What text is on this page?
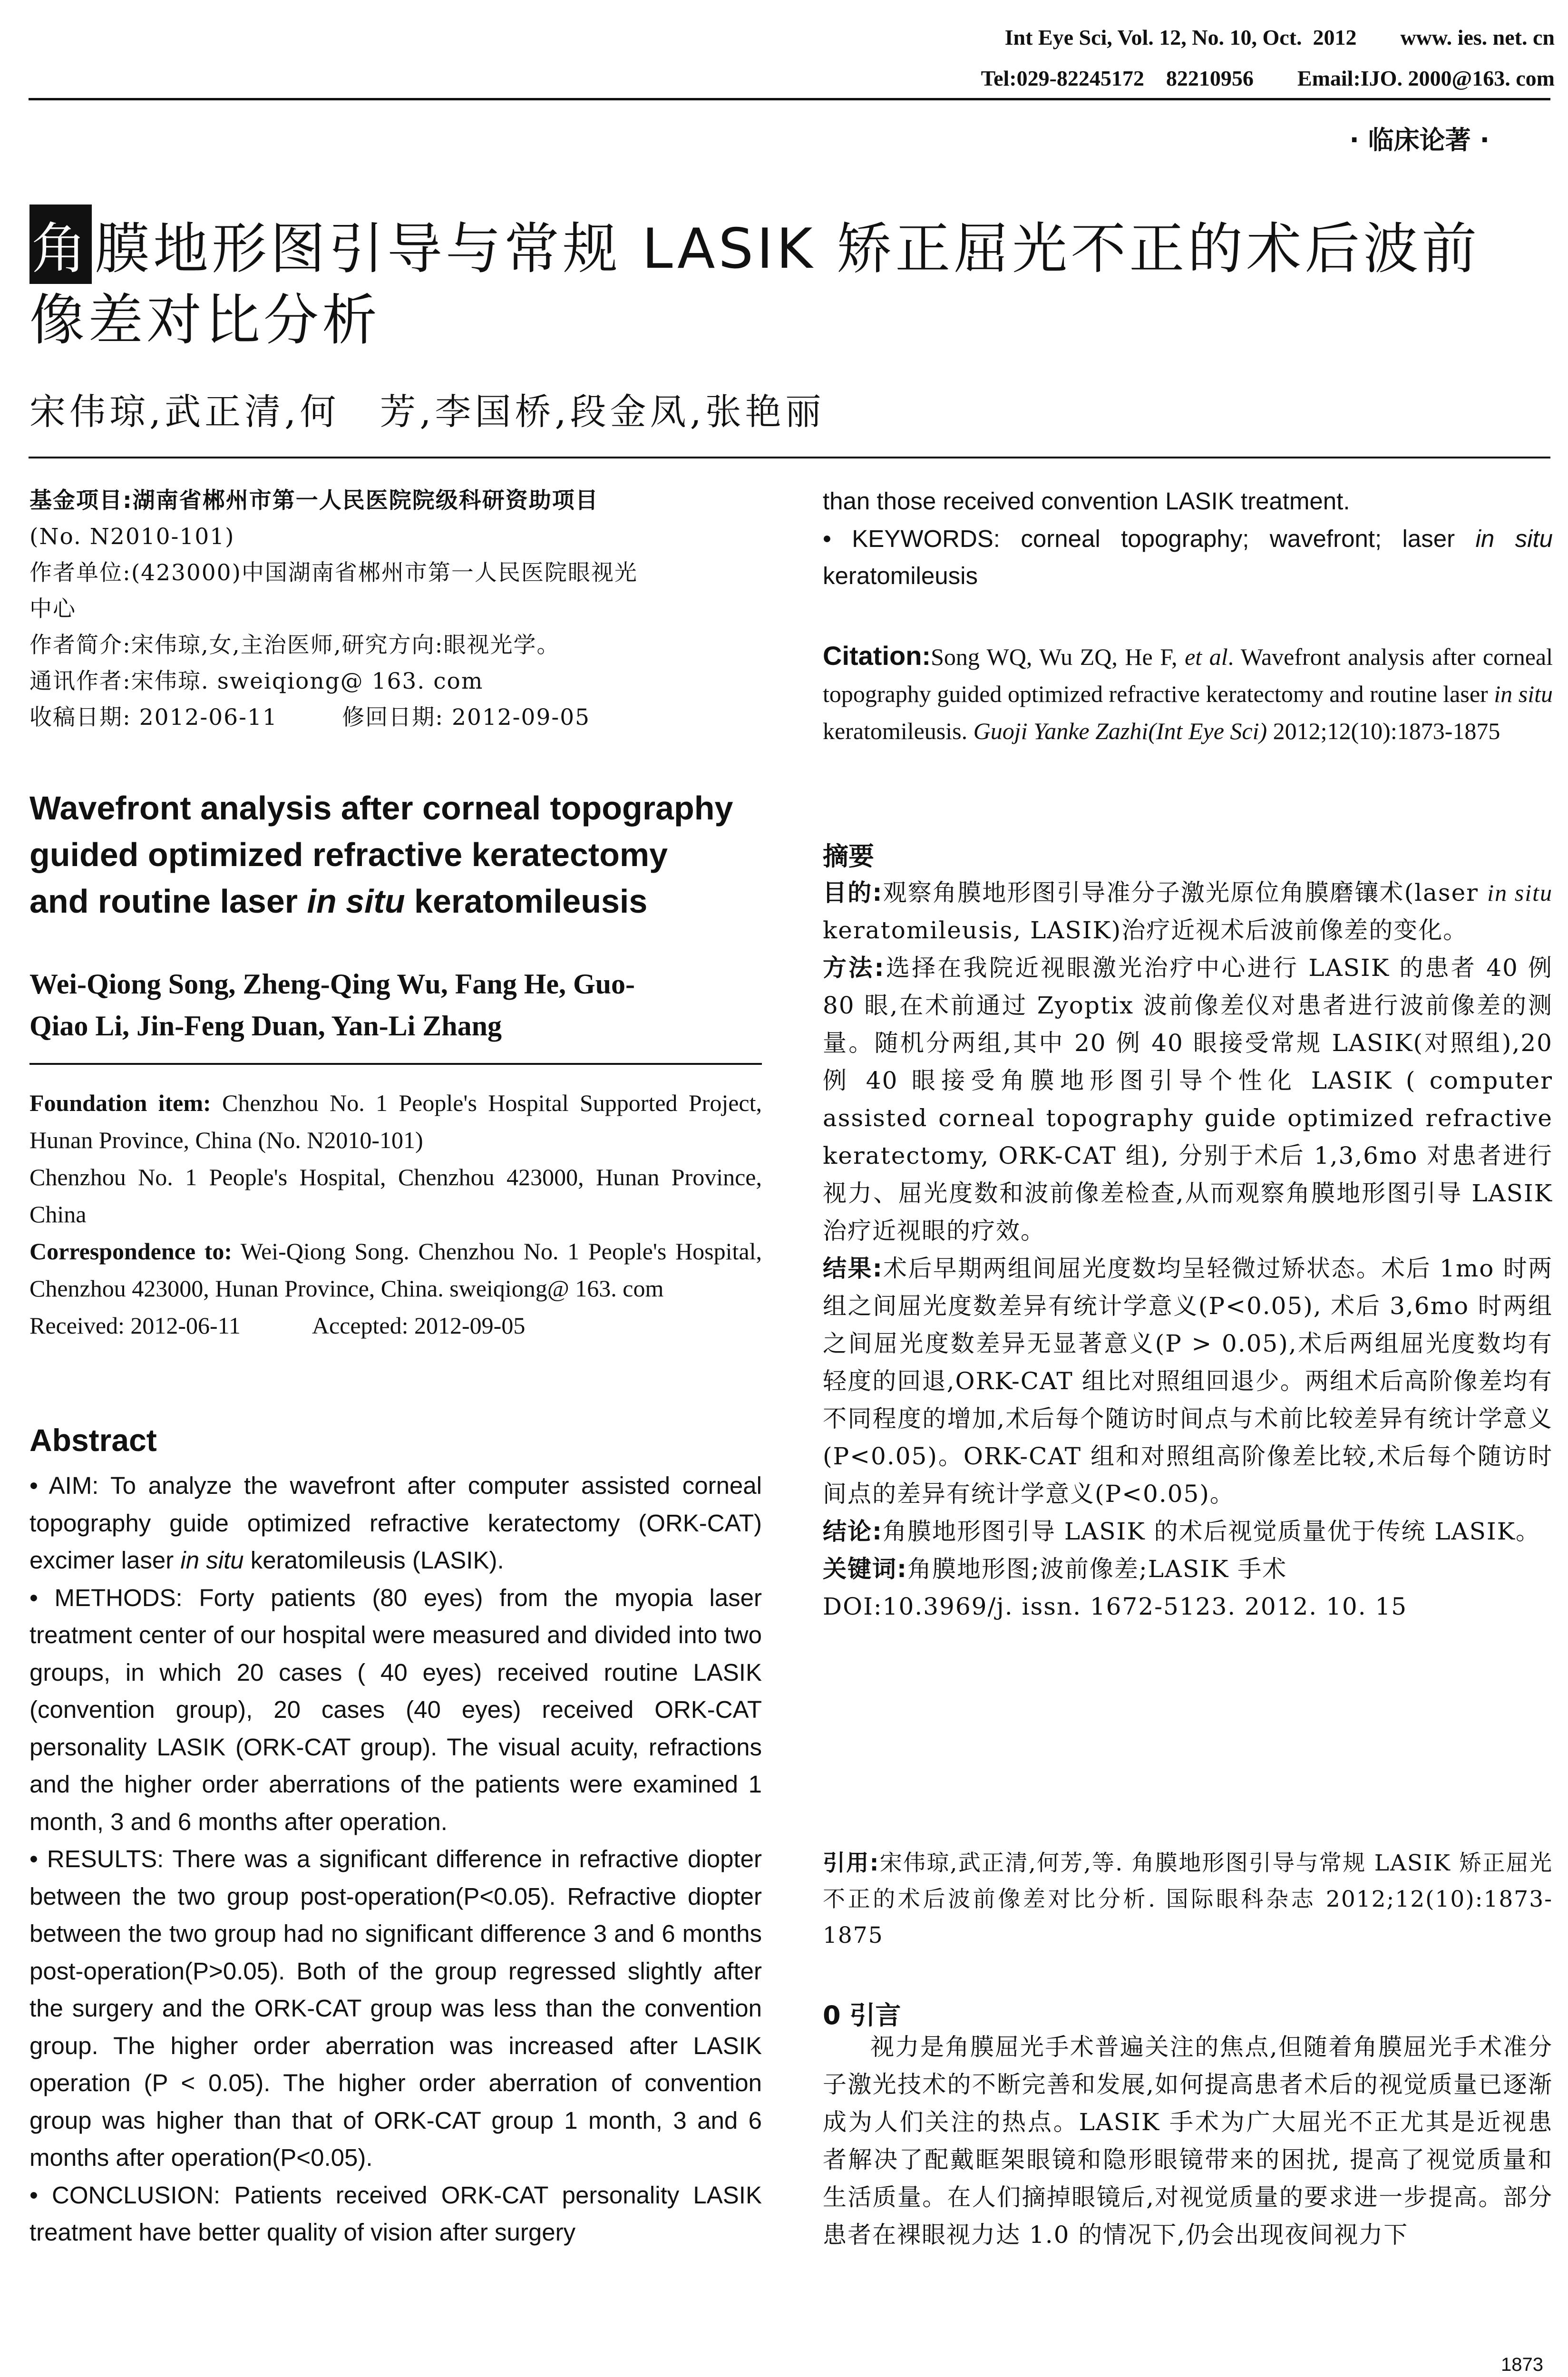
Int Eye Sci, Vol. 12, No. 10, Oct.  2012        www. ies. net. cn
Tel:029-82245172    82210956        Email:IJO. 2000@163. com
· 临床论著 ·
角膜地形图引导与常规 LASIK 矫正屈光不正的术后波前
像差对比分析
宋伟琼,武正清,何　芳,李国桥,段金凤,张艳丽

基金项目:湖南省郴州市第一人民医院院级科研资助项目

(No. N2010-101)

作者单位:(423000)中国湖南省郴州市第一人民医院眼视光

中心

作者简介:宋伟琼,女,主治医师,研究方向:眼视光学。

通讯作者:宋伟琼. sweiqiong@ 163. com

收稿日期: 2012-06-11        修回日期: 2012-09-05

Wavefront analysis after corneal topography
guided optimized refractive keratectomy
and routine laser in situ keratomileusis
Wei-Qiong Song, Zheng-Qing Wu, Fang He, Guo-
Qiao Li, Jin-Feng Duan, Yan-Li Zhang

Foundation item: Chenzhou No. 1 People's Hospital Supported Project, Hunan Province, China (No. N2010-101)

Chenzhou No. 1 People's Hospital, Chenzhou 423000, Hunan Province, China

Correspondence to: Wei-Qiong Song. Chenzhou No. 1 People's Hospital, Chenzhou 423000, Hunan Province, China. sweiqiong@ 163. com

Received: 2012-06-11	Accepted: 2012-09-05

Abstract

• AIM: To analyze the wavefront after computer assisted corneal topography guide optimized refractive keratectomy (ORK-CAT) excimer laser in situ keratomileusis (LASIK).

• METHODS: Forty patients (80 eyes) from the myopia laser treatment center of our hospital were measured and divided into two groups, in which 20 cases ( 40 eyes) received routine LASIK (convention group), 20 cases (40 eyes) received ORK-CAT personality LASIK (ORK-CAT group). The visual acuity, refractions and the higher order aberrations of the patients were examined 1 month, 3 and 6 months after operation.

• RESULTS: There was a significant difference in refractive diopter between the two group post-operation(P<0.05). Refractive diopter between the two group had no significant difference 3 and 6 months post-operation(P>0.05). Both of the group regressed slightly after the surgery and the ORK-CAT group was less than the convention group. The higher order aberration was increased after LASIK operation (P < 0.05). The higher order aberration of convention group was higher than that of ORK-CAT group 1 month, 3 and 6 months after operation(P<0.05).

• CONCLUSION: Patients received ORK-CAT personality LASIK treatment have better quality of vision after surgery

than those received convention LASIK treatment.

• KEYWORDS: corneal topography; wavefront; laser in situ keratomileusis

Citation:Song WQ, Wu ZQ, He F, et al. Wavefront analysis after corneal topography guided optimized refractive keratectomy and routine laser in situ keratomileusis. Guoji Yanke Zazhi(Int Eye Sci) 2012;12(10):1873-1875

摘要

目的:观察角膜地形图引导准分子激光原位角膜磨镶术(laser in situ keratomileusis, LASIK)治疗近视术后波前像差的变化。

方法:选择在我院近视眼激光治疗中心进行 LASIK 的患者 40 例 80 眼,在术前通过 Zyoptix 波前像差仪对患者进行波前像差的测量。随机分两组,其中 20 例 40 眼接受常规 LASIK(对照组),20 例 40 眼接受角膜地形图引导个性化 LASIK ( computer assisted corneal topography guide optimized refractive keratectomy, ORK-CAT 组), 分别于术后 1,3,6mo 对患者进行视力、屈光度数和波前像差检查,从而观察角膜地形图引导 LASIK 治疗近视眼的疗效。

结果:术后早期两组间屈光度数均呈轻微过矫状态。术后 1mo 时两组之间屈光度数差异有统计学意义(P<0.05), 术后 3,6mo 时两组之间屈光度数差异无显著意义(P > 0.05),术后两组屈光度数均有轻度的回退,ORK-CAT 组比对照组回退少。两组术后高阶像差均有不同程度的增加,术后每个随访时间点与术前比较差异有统计学意义(P<0.05)。ORK-CAT 组和对照组高阶像差比较,术后每个随访时间点的差异有统计学意义(P<0.05)。

结论:角膜地形图引导 LASIK 的术后视觉质量优于传统 LASIK。

关键词:角膜地形图;波前像差;LASIK 手术

DOI:10.3969/j. issn. 1672-5123. 2012. 10. 15

引用:宋伟琼,武正清,何芳,等. 角膜地形图引导与常规 LASIK 矫正屈光不正的术后波前像差对比分析. 国际眼科杂志 2012;12(10):1873-1875

0 引言

视力是角膜屈光手术普遍关注的焦点,但随着角膜屈光手术准分子激光技术的不断完善和发展,如何提高患者术后的视觉质量已逐渐成为人们关注的热点。LASIK 手术为广大屈光不正尤其是近视患者解决了配戴眶架眼镜和隐形眼镜带来的困扰, 提高了视觉质量和生活质量。在人们摘掉眼镜后,对视觉质量的要求进一步提高。部分患者在裸眼视力达 1.0 的情况下,仍会出现夜间视力下

1873
